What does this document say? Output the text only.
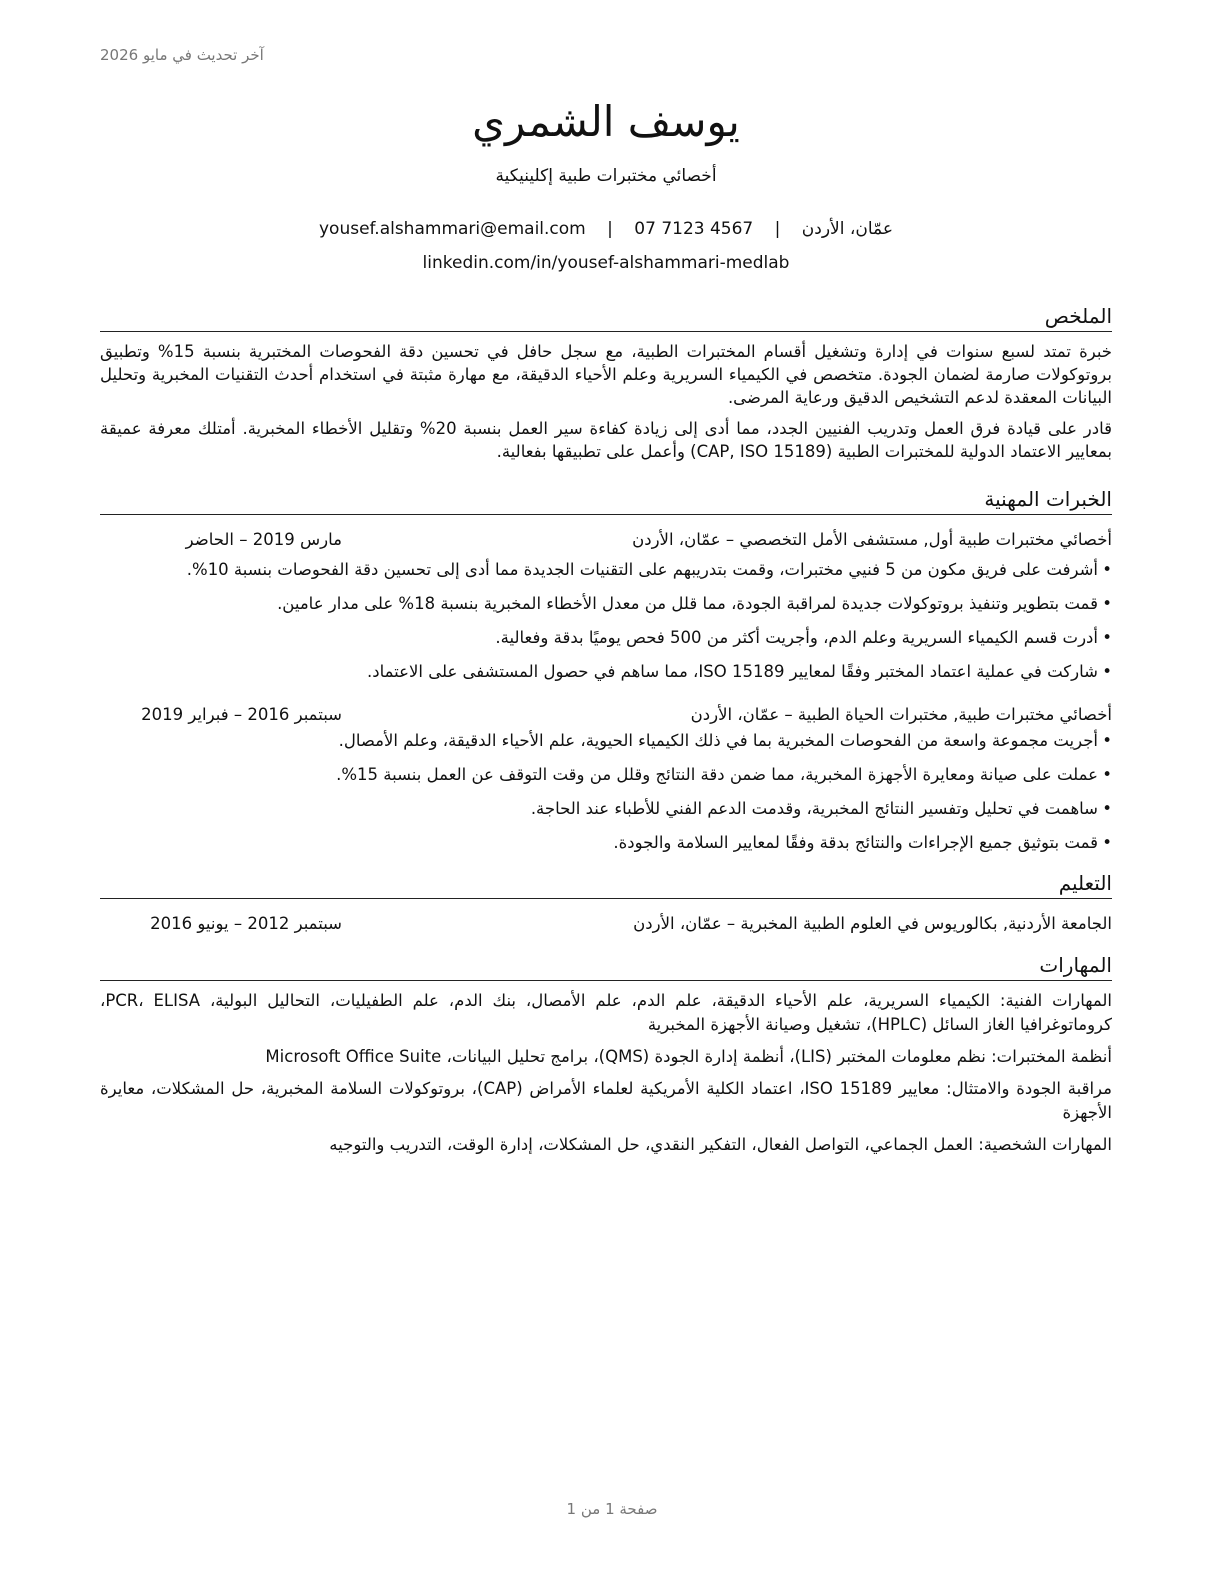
آخر تحديث في مايو 2026
يوسف الشمري
أخصائي مختبرات طبية إكلينيكية
عمّان، الأردن | yousef.alshammari@email.com | 07 7123 4567
linkedin.com/in/yousef-alshammari-medlab
الملخص

خبرة تمتد لسبع سنوات في إدارة وتشغيل أقسام المختبرات الطبية، مع سجل حافل في تحسين دقة الفحوصات المختبرية بنسبة 15% وتطبيق بروتوكولات صارمة لضمان الجودة. متخصص في الكيمياء السريرية وعلم الأحياء الدقيقة، مع مهارة مثبتة في استخدام أحدث التقنيات المخبرية وتحليل البيانات المعقدة لدعم التشخيص الدقيق ورعاية المرضى.

قادر على قيادة فرق العمل وتدريب الفنيين الجدد، مما أدى إلى زيادة كفاءة سير العمل بنسبة 20% وتقليل الأخطاء المخبرية. أمتلك معرفة عميقة بمعايير الاعتماد الدولية للمختبرات الطبية (CAP, ISO 15189) وأعمل على تطبيقها بفعالية.

الخبرات المهنية
أخصائي مختبرات طبية أول, مستشفى الأمل التخصصي – عمّان، الأردن
مارس 2019 – الحاضر
• أشرفت على فريق مكون من 5 فنيي مختبرات، وقمت بتدريبهم على التقنيات الجديدة مما أدى إلى تحسين دقة الفحوصات بنسبة 10%.
• قمت بتطوير وتنفيذ بروتوكولات جديدة لمراقبة الجودة، مما قلل من معدل الأخطاء المخبرية بنسبة 18% على مدار عامين.
• أدرت قسم الكيمياء السريرية وعلم الدم، وأجريت أكثر من 500 فحص يوميًا بدقة وفعالية.
• شاركت في عملية اعتماد المختبر وفقًا لمعايير ISO 15189، مما ساهم في حصول المستشفى على الاعتماد.
أخصائي مختبرات طبية, مختبرات الحياة الطبية – عمّان، الأردن
سبتمبر 2016 – فبراير 2019
• أجريت مجموعة واسعة من الفحوصات المخبرية بما في ذلك الكيمياء الحيوية، علم الأحياء الدقيقة، وعلم الأمصال.
• عملت على صيانة ومعايرة الأجهزة المخبرية، مما ضمن دقة النتائج وقلل من وقت التوقف عن العمل بنسبة 15%.
• ساهمت في تحليل وتفسير النتائج المخبرية، وقدمت الدعم الفني للأطباء عند الحاجة.
• قمت بتوثيق جميع الإجراءات والنتائج بدقة وفقًا لمعايير السلامة والجودة.
التعليم
الجامعة الأردنية, بكالوريوس في العلوم الطبية المخبرية – عمّان، الأردن
سبتمبر 2012 – يونيو 2016
المهارات
المهارات الفنية: الكيمياء السريرية، علم الأحياء الدقيقة، علم الدم، علم الأمصال، بنك الدم، علم الطفيليات، التحاليل البولية، PCR، ELISA، كروماتوغرافيا الغاز السائل (HPLC)، تشغيل وصيانة الأجهزة المخبرية
أنظمة المختبرات: نظم معلومات المختبر (LIS)، أنظمة إدارة الجودة (QMS)، برامج تحليل البيانات، Microsoft Office Suite
مراقبة الجودة والامتثال: معايير ISO 15189، اعتماد الكلية الأمريكية لعلماء الأمراض (CAP)، بروتوكولات السلامة المخبرية، حل المشكلات، معايرة الأجهزة
المهارات الشخصية: العمل الجماعي، التواصل الفعال، التفكير النقدي، حل المشكلات، إدارة الوقت، التدريب والتوجيه
صفحة 1 من 1
